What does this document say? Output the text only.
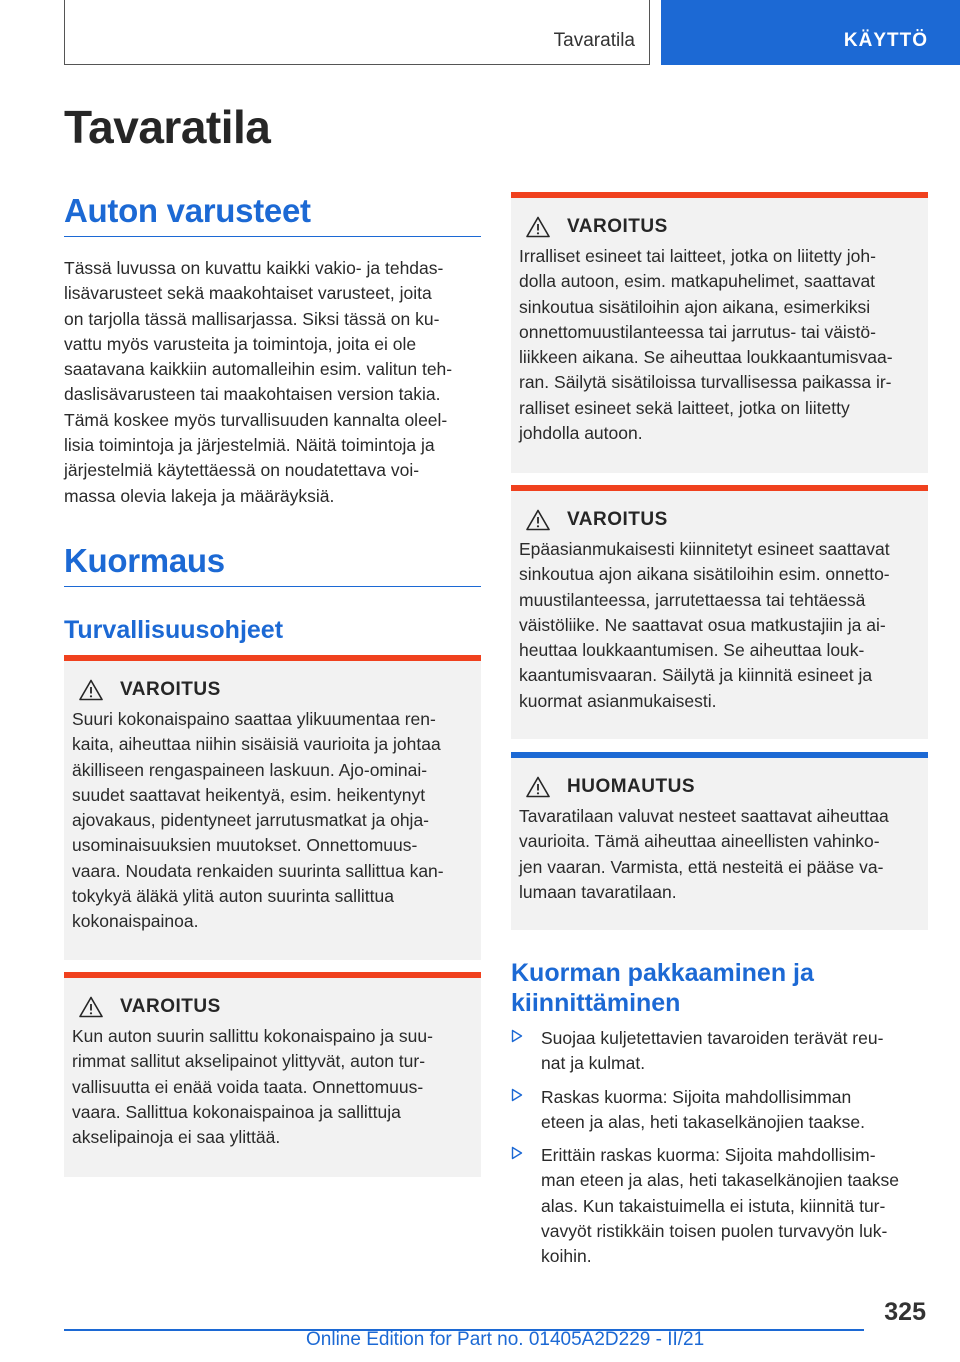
Tavaratila	KÄYTTÖ
Tavaratila
Auton varusteet

Tässä luvussa on kuvattu kaikki vakio- ja tehdas-
lisävarusteet sekä maakohtaiset varusteet, joita
on tarjolla tässä mallisarjassa. Siksi tässä on ku-
vattu myös varusteita ja toimintoja, joita ei ole
saatavana kaikkiin automalleihin esim. valitun teh-
daslisävarusteen tai maakohtaisen version takia.
Tämä koskee myös turvallisuuden kannalta oleel-
lisia toimintoja ja järjestelmiä. Näitä toimintoja ja
järjestelmiä käytettäessä on noudatettava voi-
massa olevia lakeja ja määräyksiä.

Kuormaus
Turvallisuusohjeet
VAROITUS

Suuri kokonaispaino saattaa ylikuumentaa ren-
kaita, aiheuttaa niihin sisäisiä vaurioita ja johtaa
äkilliseen rengaspaineen laskuun. Ajo-ominai-
suudet saattavat heikentyä, esim. heikentynyt
ajovakaus, pidentyneet jarrutusmatkat ja ohja-
usominaisuuksien muutokset. Onnettomuus-
vaara. Noudata renkaiden suurinta sallittua kan-
tokykyä äläkä ylitä auton suurinta sallittua
kokonaispainoa.

VAROITUS

Kun auton suurin sallittu kokonaispaino ja suu-
rimmat sallitut akselipainot ylittyvät, auton tur-
vallisuutta ei enää voida taata. Onnettomuus-
vaara. Sallittua kokonaispainoa ja sallittuja
akselipainoja ei saa ylittää.

VAROITUS

Irralliset esineet tai laitteet, jotka on liitetty joh-
dolla autoon, esim. matkapuhelimet, saattavat
sinkoutua sisätiloihin ajon aikana, esimerkiksi
onnettomuustilanteessa tai jarrutus- tai väistö-
liikkeen aikana. Se aiheuttaa loukkaantumisvaa-
ran. Säilytä sisätiloissa turvallisessa paikassa ir-
ralliset esineet sekä laitteet, jotka on liitetty
johdolla autoon.

VAROITUS

Epäasianmukaisesti kiinnitetyt esineet saattavat
sinkoutua ajon aikana sisätiloihin esim. onnetto-
muustilanteessa, jarrutettaessa tai tehtäessä
väistöliike. Ne saattavat osua matkustajiin ja ai-
heuttaa loukkaantumisen. Se aiheuttaa louk-
kaantumisvaaran. Säilytä ja kiinnitä esineet ja
kuormat asianmukaisesti.

HUOMAUTUS

Tavaratilaan valuvat nesteet saattavat aiheuttaa
vaurioita. Tämä aiheuttaa aineellisten vahinko-
jen vaaran. Varmista, että nesteitä ei pääse va-
lumaan tavaratilaan.

Kuorman pakkaaminen ja
kiinnittäminen
Suojaa kuljetettavien tavaroiden terävät reu-
nat ja kulmat.
Raskas kuorma: Sijoita mahdollisimman
eteen ja alas, heti takaselkänojien taakse.
Erittäin raskas kuorma: Sijoita mahdollisim-
man eteen ja alas, heti takaselkänojien taakse
alas. Kun takaistuimella ei istuta, kiinnitä tur-
vavyöt ristikkäin toisen puolen turvavyön luk-
koihin.
325
Online Edition for Part no. 01405A2D229 - II/21
